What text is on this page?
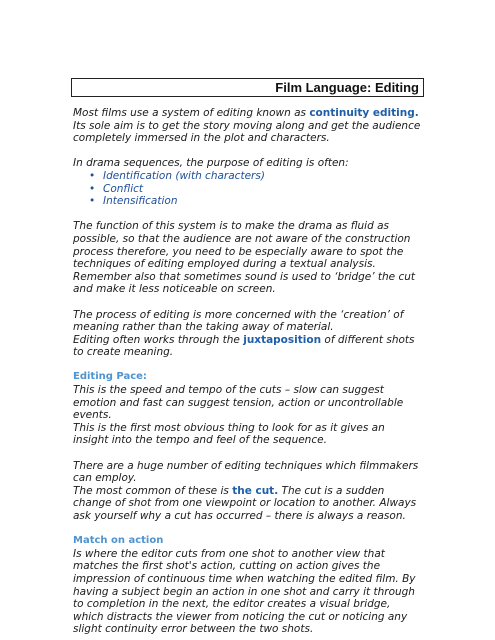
Film Language: Editing

Most films use a system of editing known as continuity editing. Its sole aim is to get the story moving along and get the audience completely immersed in the plot and characters.

In drama sequences, the purpose of editing is often:

• Identification (with characters)
• Conflict
• Intensification

The function of this system is to make the drama as fluid as possible, so that the audience are not aware of the construction process therefore, you need to be especially aware to spot the techniques of editing employed during a textual analysis. Remember also that sometimes sound is used to ‘bridge’ the cut and make it less noticeable on screen.

The process of editing is more concerned with the ‘creation’ of meaning rather than the taking away of material.

Editing often works through the juxtaposition of different shots to create meaning.

Editing Pace:

This is the speed and tempo of the cuts – slow can suggest emotion and fast can suggest tension, action or uncontrollable events.

This is the first most obvious thing to look for as it gives an insight into the tempo and feel of the sequence.

There are a huge number of editing techniques which filmmakers can employ.

The most common of these is the cut. The cut is a sudden change of shot from one viewpoint or location to another. Always ask yourself why a cut has occurred – there is always a reason.

Match on action

Is where the editor cuts from one shot to another view that matches the first shot's action, cutting on action gives the impression of continuous time when watching the edited film. By having a subject begin an action in one shot and carry it through to completion in the next, the editor creates a visual bridge, which distracts the viewer from noticing the cut or noticing any slight continuity error between the two shots.
